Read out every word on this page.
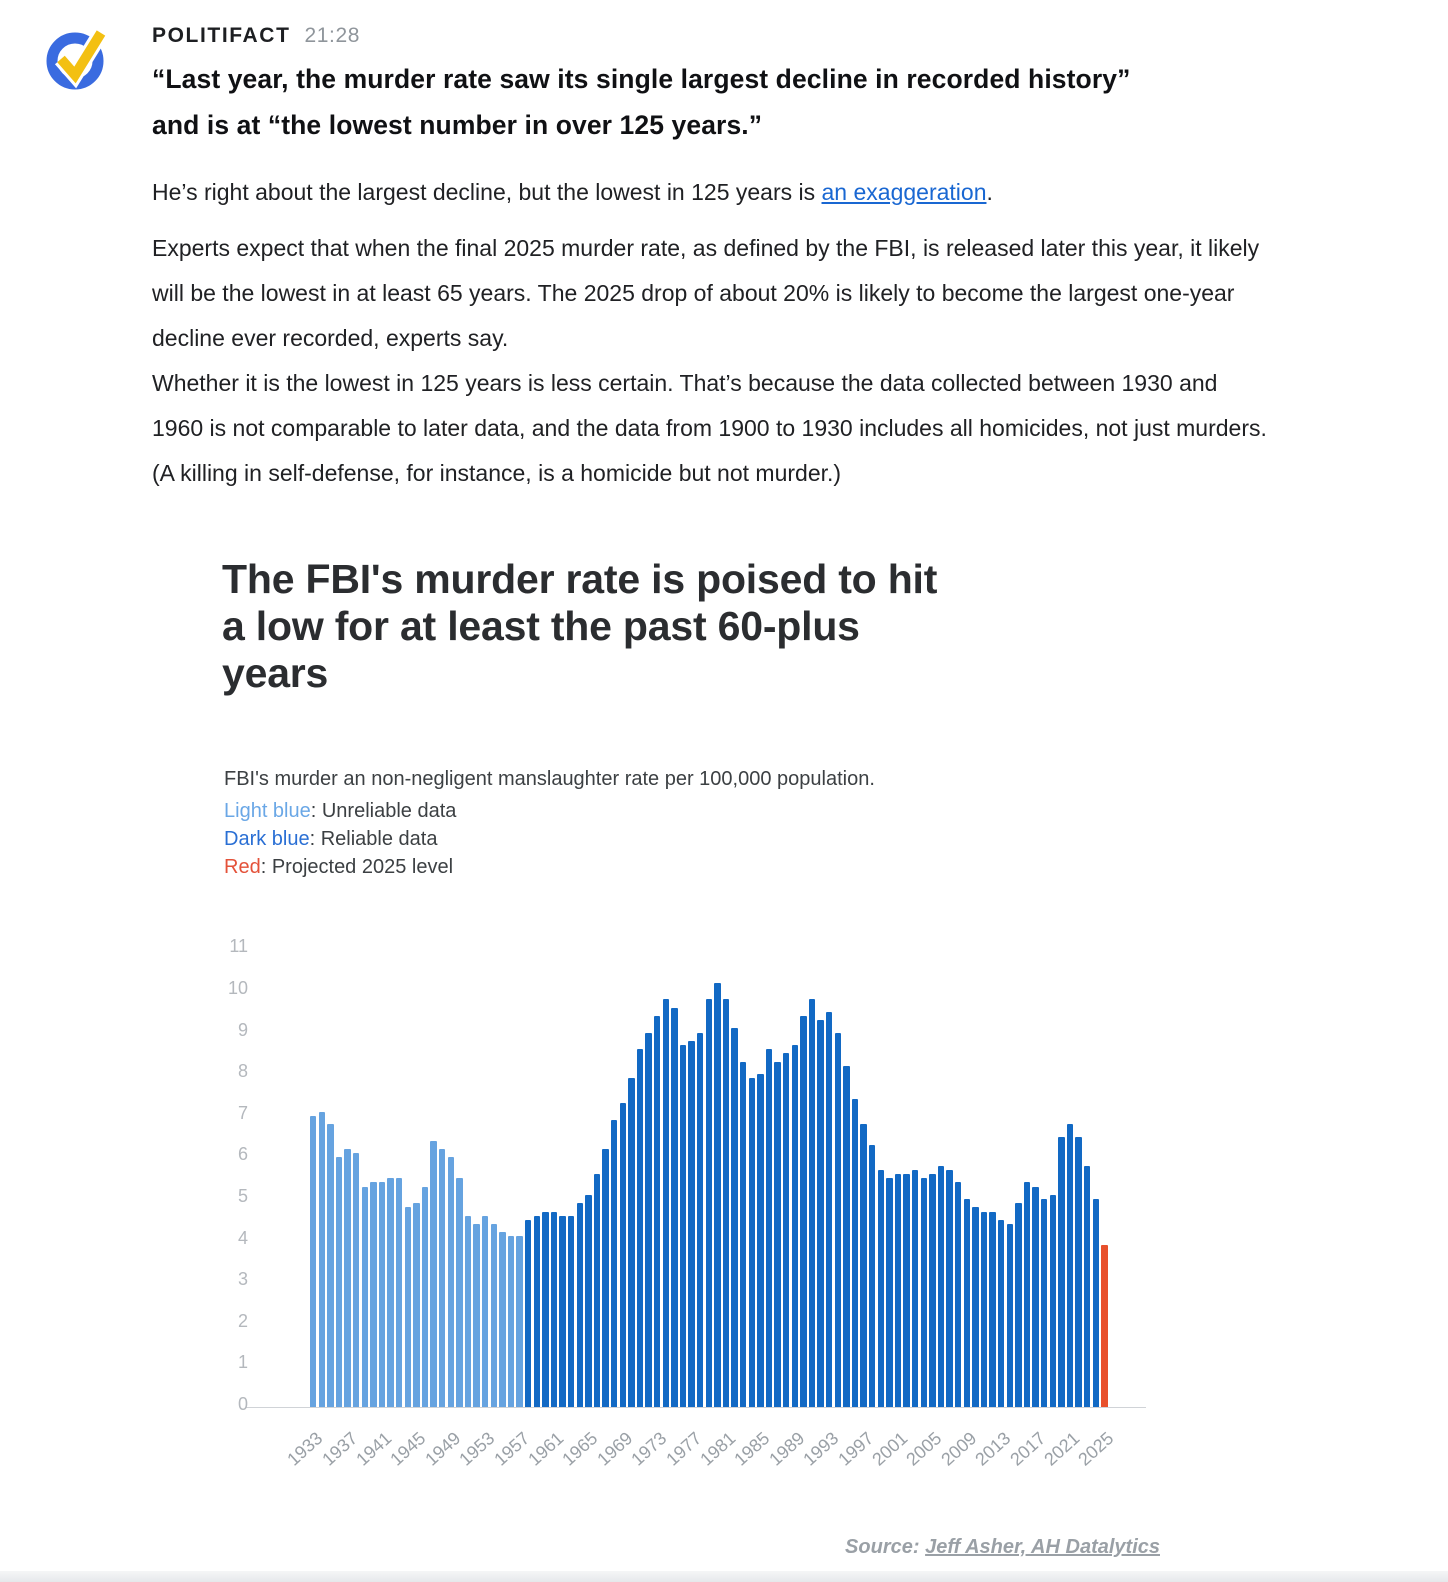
POLITIFACT 21:28
“Last year, the murder rate saw its single largest decline in recorded history”
and is at “the lowest number in over 125 years.”
He’s right about the largest decline, but the lowest in 125 years is an exaggeration.
Experts expect that when the final 2025 murder rate, as defined by the FBI, is released later this year, it likely will be the lowest in at least 65 years. The 2025 drop of about 20% is likely to become the largest one-year decline ever recorded, experts say.
Whether it is the lowest in 125 years is less certain. That’s because the data collected between 1930 and 1960 is not comparable to later data, and the data from 1900 to 1930 includes all homicides, not just murders. (A killing in self-defense, for instance, is a homicide but not murder.)
The FBI's murder rate is poised to hit
a low for at least the past 60-plus
years
FBI's murder an non-negligent manslaughter rate per 100,000 population.
Light blue: Unreliable data
Dark blue: Reliable data
Red: Projected 2025 level
0
1
2
3
4
5
6
7
8
9
10
11
1933
1937
1941
1945
1949
1953
1957
1961
1965
1969
1973
1977
1981
1985
1989
1993
1997
2001
2005
2009
2013
2017
2021
2025
Source: Jeff Asher, AH Datalytics
